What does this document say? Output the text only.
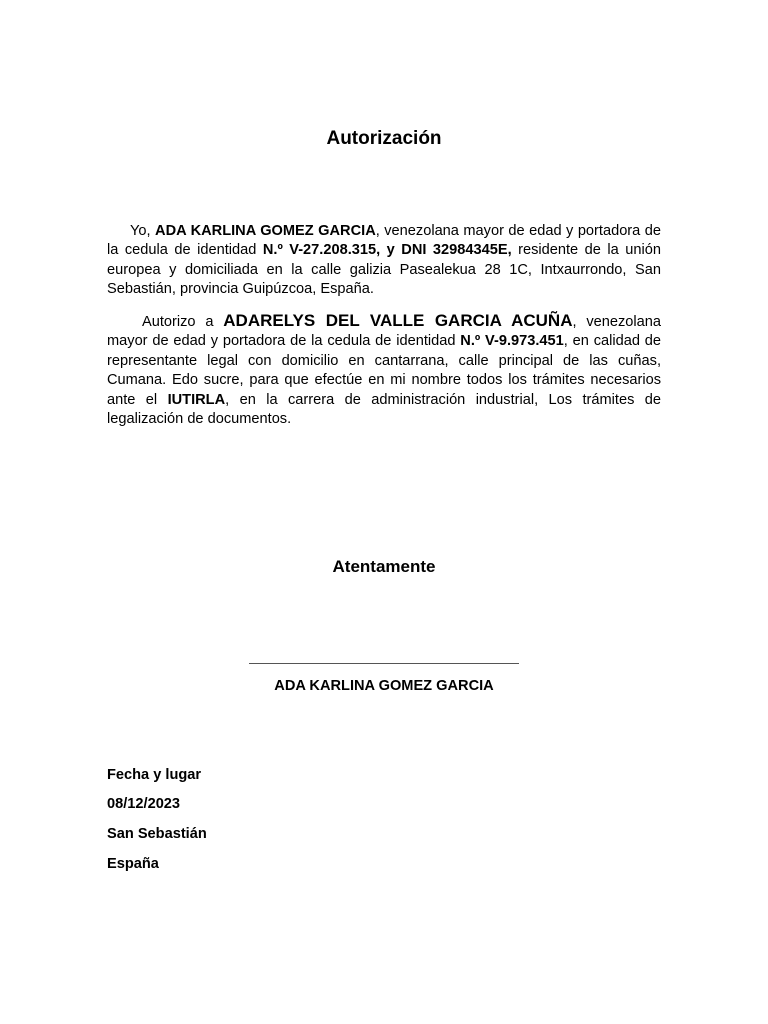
Autorización

Yo, ADA KARLINA GOMEZ GARCIA, venezolana mayor de edad y portadora de la cedula de identidad N.º V-27.208.315, y DNI 32984345E, residente de la unión europea y domiciliada en la calle galizia Pasealekua 28 1C, Intxaurrondo, San Sebastián, provincia Guipúzcoa, España.

Autorizo a ADARELYS DEL VALLE GARCIA ACUÑA, venezolana mayor de edad y portadora de la cedula de identidad N.º V-9.973.451, en calidad de representante legal con domicilio en cantarrana, calle principal de las cuñas, Cumana. Edo sucre, para que efectúe en mi nombre todos los trámites necesarios ante el IUTIRLA, en la carrera de administración industrial, Los trámites de legalización de documentos.

Atentamente
ADA KARLINA GOMEZ GARCIA
Fecha y lugar
08/12/2023
San Sebastián
España
